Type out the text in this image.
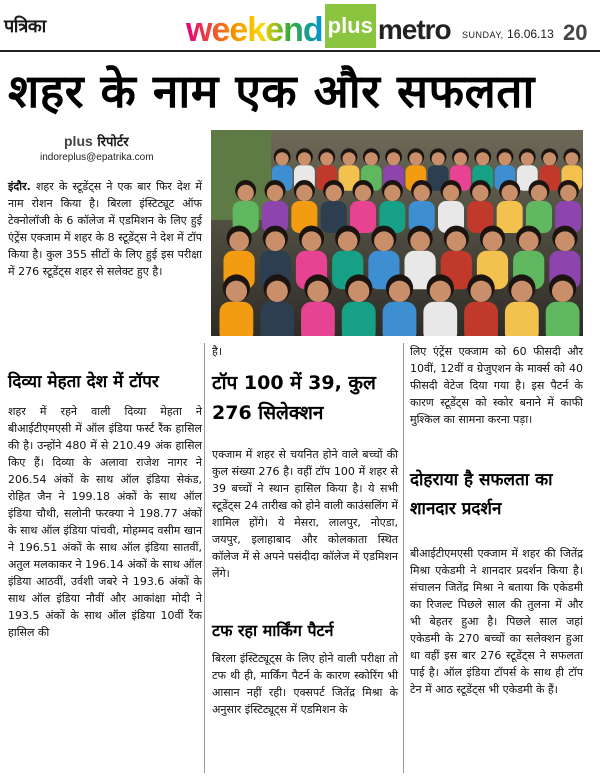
पत्रिका	weekend plus metro SUNDAY, 16.06.13 20
शहर के नाम एक और सफलता
plus रिपोर्टर
indoreplus@epatrika.com
इंदौर. शहर के स्टूडेंट्स ने एक बार फिर देश में नाम रोशन किया है। बिरला इंस्टिट्यूट ऑफ टेक्नोलॉजी के 6 कॉलेज में एडमिशन के लिए हुई एंट्रेंस एक्जाम में शहर के 8 स्टूडेंट्स ने देश में टॉप किया है। कुल 355 सीटों के लिए हुई इस परीक्षा में 276 स्टूडेंट्स शहर से सलेक्ट हुए है।
दिव्या मेहता देश में टॉपर
शहर में रहने वाली दिव्या मेहता ने बीआईटीएमएसी में ऑल इंडिया फर्स्ट रैंक हासिल की है। उन्होंने 480 में से 210.49 अंक हासिल किए हैं। दिव्या के अलावा राजेश नागर ने 206.54 अंकों के साथ ऑल इंडिया सेकंड, रोहित जैन ने 199.18 अंकों के साथ ऑल इंडिया चौथी, सलोनी फरक्या ने 198.77 अंकों के साथ ऑल इंडिया पांचवी, मोहम्मद वसीम खान ने 196.51 अंकों के साथ ऑल इंडिया सातवीं, अतुल मलकाकर ने 196.14 अंकों के साथ ऑल इंडिया आठवीं, उर्वशी जबरे ने 193.6 अंकों के साथ ऑल इंडिया नौवीं और आकांक्षा मोदी ने 193.5 अंकों के साथ ऑल इंडिया 10वीं रैंक हासिल की
है।
टॉप 100 में 39, कुल 276 सिलेक्शन
एक्जाम में शहर से चयनित होने वाले बच्चों की कुल संख्या 276 है। वहीं टॉप 100 में शहर से 39 बच्चों ने स्थान हासिल किया है। ये सभी स्टूडेंट्स 24 तारीख को होने वाली काउंसलिंग में शामिल होंगे। ये मेसरा, लालपुर, नोएडा, जयपुर, इलाहाबाद और कोलकाता स्थित कॉलेज में से अपने पसंदीदा कॉलेज में एडमिशन लेंगे।
टफ रहा मार्किंग पैटर्न
बिरला इंस्टिट्यूट्स के लिए होने वाली परीक्षा तो टफ थी ही, मार्किंग पैटर्न के कारण स्कोरिंग भी आसान नहीं रही। एक्सपर्ट जितेंद्र मिश्रा के अनुसार इंस्टिट्यूट्स में एडमिशन के
लिए एंट्रेंस एक्जाम को 60 फीसदी और 10वीं, 12वीं व ग्रेजुएशन के मार्क्स को 40 फीसदी वेटेज दिया गया है। इस पैटर्न के कारण स्टूडेंट्स को स्कोर बनाने में काफी मुश्किल का सामना करना पड़ा।
दोहराया है सफलता का शानदार प्रदर्शन
बीआईटीएमएसी एक्जाम में शहर की जितेंद्र मिश्रा एकेडमी ने शानदार प्रदर्शन किया है। संचालन जितेंद्र मिश्रा ने बताया कि एकेडमी का रिजल्ट पिछले साल की तुलना में और भी बेहतर हुआ है। पिछले साल जहां एकेडमी के 270 बच्चों का सलेक्शन हुआ था वहीं इस बार 276 स्टूडेंट्स ने सफलता पाई है। ऑल इंडिया टॉपर्स के साथ ही टॉप टेन में आठ स्टूडेंट्स भी एकेडमी के हैं।
